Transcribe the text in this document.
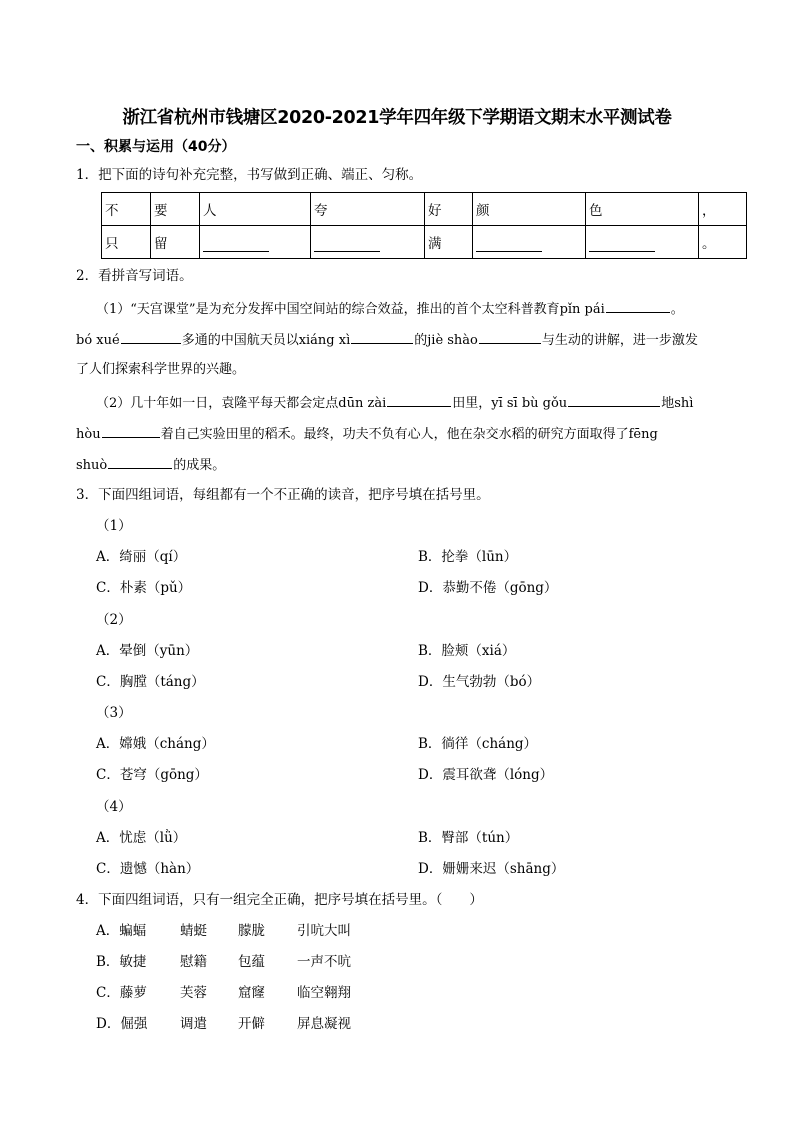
浙江省杭州市钱塘区2020-2021学年四年级下学期语文期末水平测试卷
一、积累与运用（40分）
1．把下面的诗句补充完整，书写做到正确、端正、匀称。
不	要	人	夸	好	颜	色	，
只	留			满			。
2．看拼音写词语。
（1）“天宫课堂”是为充分发挥中国空间站的综合效益，推出的首个太空科普教育pǐn pái	。
bó xué	多通的中国航天员以xiáng xì	的jiè shào	与生动的讲解，进一步激发
了人们探索科学世界的兴趣。
（2）几十年如一日，袁隆平每天都会定点dūn zài	田里，yī sī bù gǒu	地shì
hòu	着自己实验田里的稻禾。最终，功夫不负有心人，他在杂交水稻的研究方面取得了fēng
shuò	的成果。
3．下面四组词语，每组都有一个不正确的读音，把序号填在括号里。
（1）
A．绮丽（qí）	B．抡拳（lūn）
C．朴素（pǔ）	D．恭勤不倦（gōng）
（2）
A．晕倒（yūn）	B．脸颊（xiá）
C．胸膛（táng）	D．生气勃勃（bó）
（3）
A．嫦娥（cháng）	B．徜徉（cháng）
C．苍穹（gōng）	D．震耳欲聋（lóng）
（4）
A．忧虑（lǜ）	B．臀部（tún）
C．遗憾（hàn）	D．姗姗来迟（shāng）
4．下面四组词语，只有一组完全正确，把序号填在括号里。（　　）
A．蝙蝠	蜻蜓 朦胧 引吭大叫
B．敏捷 慰籍 包蕴 一声不吭
C．藤萝 芙蓉 窟窿 临空翱翔
D．倔强 调遣 开僻 屏息凝视
